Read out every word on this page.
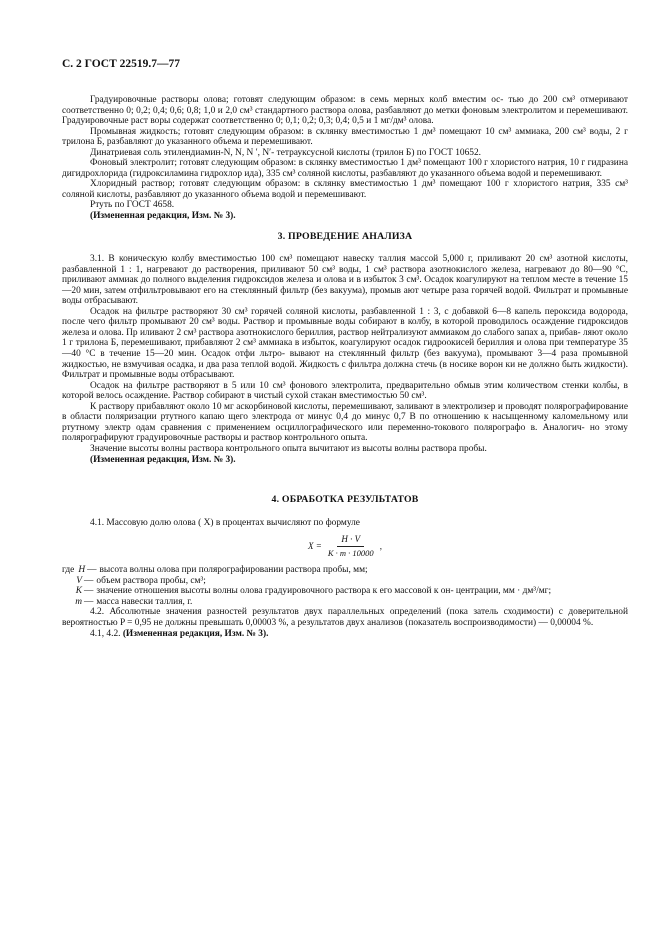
С. 2 ГОСТ 22519.7—77

Градуировочные растворы олова; готовят следующим образом: в семь мерных колб вместим ос- тью до 200 см³ отмеривают соответственно 0; 0,2; 0,4; 0,6; 0,8; 1,0 и 2,0 см³ стандартного раствора олова, разбавляют до метки фоновым электролитом и перемешивают. Градуировочные раст воры содержат соответственно 0; 0,1; 0,2; 0,3; 0,4; 0,5 и 1 мг/дм³ олова.

Промывная жидкость; готовят следующим образом: в склянку вместимостью 1 дм³ помещают 10 см³ аммиака, 200 см³ воды, 2 г трилона Б, разбавляют до указанного объема и перемешивают.

Динатриевая соль этилендиамин-N, N, N ′, N′- тетрауксусной кислоты (трилон Б) по ГОСТ 10652.

Фоновый электролит; готовят следующим образом: в склянку вместимостью 1 дм³ помещают 100 г хлористого натрия, 10 г гидразина дигидрохлорида (гидроксиламина гидрохлор ида), 335 см³ соляной кислоты, разбавляют до указанного объема водой и перемешивают.

Хлоридный раствор; готовят следующим образом: в склянку вместимостью 1 дм³ помещают 100 г хлористого натрия, 335 см³ соляной кислоты, разбавляют до указанного объема водой и перемешивают.

Ртуть по ГОСТ 4658.

(Измененная редакция, Изм. № 3).

3. ПРОВЕДЕНИЕ АНАЛИЗА

3.1. В коническую колбу вместимостью 100 см³ помещают навеску таллия массой 5,000 г, приливают 20 см³ азотной кислоты, разбавленной 1 : 1, нагревают до растворения, приливают 50 см³ воды, 1 см³ раствора азотнокислого железа, нагревают до 80—90 °С, приливают аммиак до полного выделения гидроксидов железа и олова и в избыток 3 см³. Осадок коагулируют на теплом месте в течение 15—20 мин, затем отфильтровывают его на стеклянный фильтр (без вакуума), промыв ают четыре раза горячей водой. Фильтрат и промывные воды отбрасывают.

Осадок на фильтре растворяют 30 см³ горячей соляной кислоты, разбавленной 1 : 3, с добавкой 6—8 капель пероксида водорода, после чего фильтр промывают 20 см³ воды. Раствор и промывные воды собирают в колбу, в которой проводилось осаждение гидроксидов железа и олова. Пр иливают 2 см³ раствора азотнокислого бериллия, раствор нейтрализуют аммиаком до слабого запах а, прибав- ляют около 1 г трилона Б, перемешивают, прибавляют 2 см³ аммиака в избыток, коагулируют осадок гидроокисей бериллия и олова при температуре 35—40 °С в течение 15—20 мин. Осадок отфи льтро- вывают на стеклянный фильтр (без вакуума), промывают 3—4 раза промывной жидкостью, не взмучивая осадка, и два раза теплой водой. Жидкость с фильтра должна стечь (в носике ворон ки не должно быть жидкости). Фильтрат и промывные воды отбрасывают.

Осадок на фильтре растворяют в 5 или 10 см³ фонового электролита, предварительно обмыв этим количеством стенки колбы, в которой велось осаждение. Раствор собирают в чистый сухой стакан вместимостью 50 см³.

К раствору прибавляют около 10 мг аскорбиновой кислоты, перемешивают, заливают в электролизер и проводят полярографирование в области поляризации ртутного капаю щего электрода от минус 0,4 до минус 0,7 В по отношению к насыщенному каломельному или ртутному электр одам сравнения с применением осциллографического или переменно-токового полярографо в. Аналогич- но этому полярографируют градуировочные растворы и раствор контрольного опыта.

Значение высоты волны раствора контрольного опыта вычитают из высоты волны раствора пробы.

(Измененная редакция, Изм. № 3).

4. ОБРАБОТКА РЕЗУЛЬТАТОВ

4.1. Массовую долю олова ( X) в процентах вычисляют по формуле

$X = \frac{H \cdot V}{K \cdot m \cdot 10000}$ ,
где H — высота волны олова при полярографировании раствора пробы, мм;
V — объем раствора пробы, см³;
K — значение отношения высоты волны олова градуировочного раствора к его массовой к он- центрации, мм · дм³/мг;
m — масса навески таллия, г.

4.2. Абсолютные значения разностей результатов двух параллельных определений (пока затель сходимости) с доверительной вероятностью P = 0,95 не должны превышать 0,00003 %, а результатов двух анализов (показатель воспроизводимости) — 0,00004 %.

4.1, 4.2. (Измененная редакция, Изм. № 3).
